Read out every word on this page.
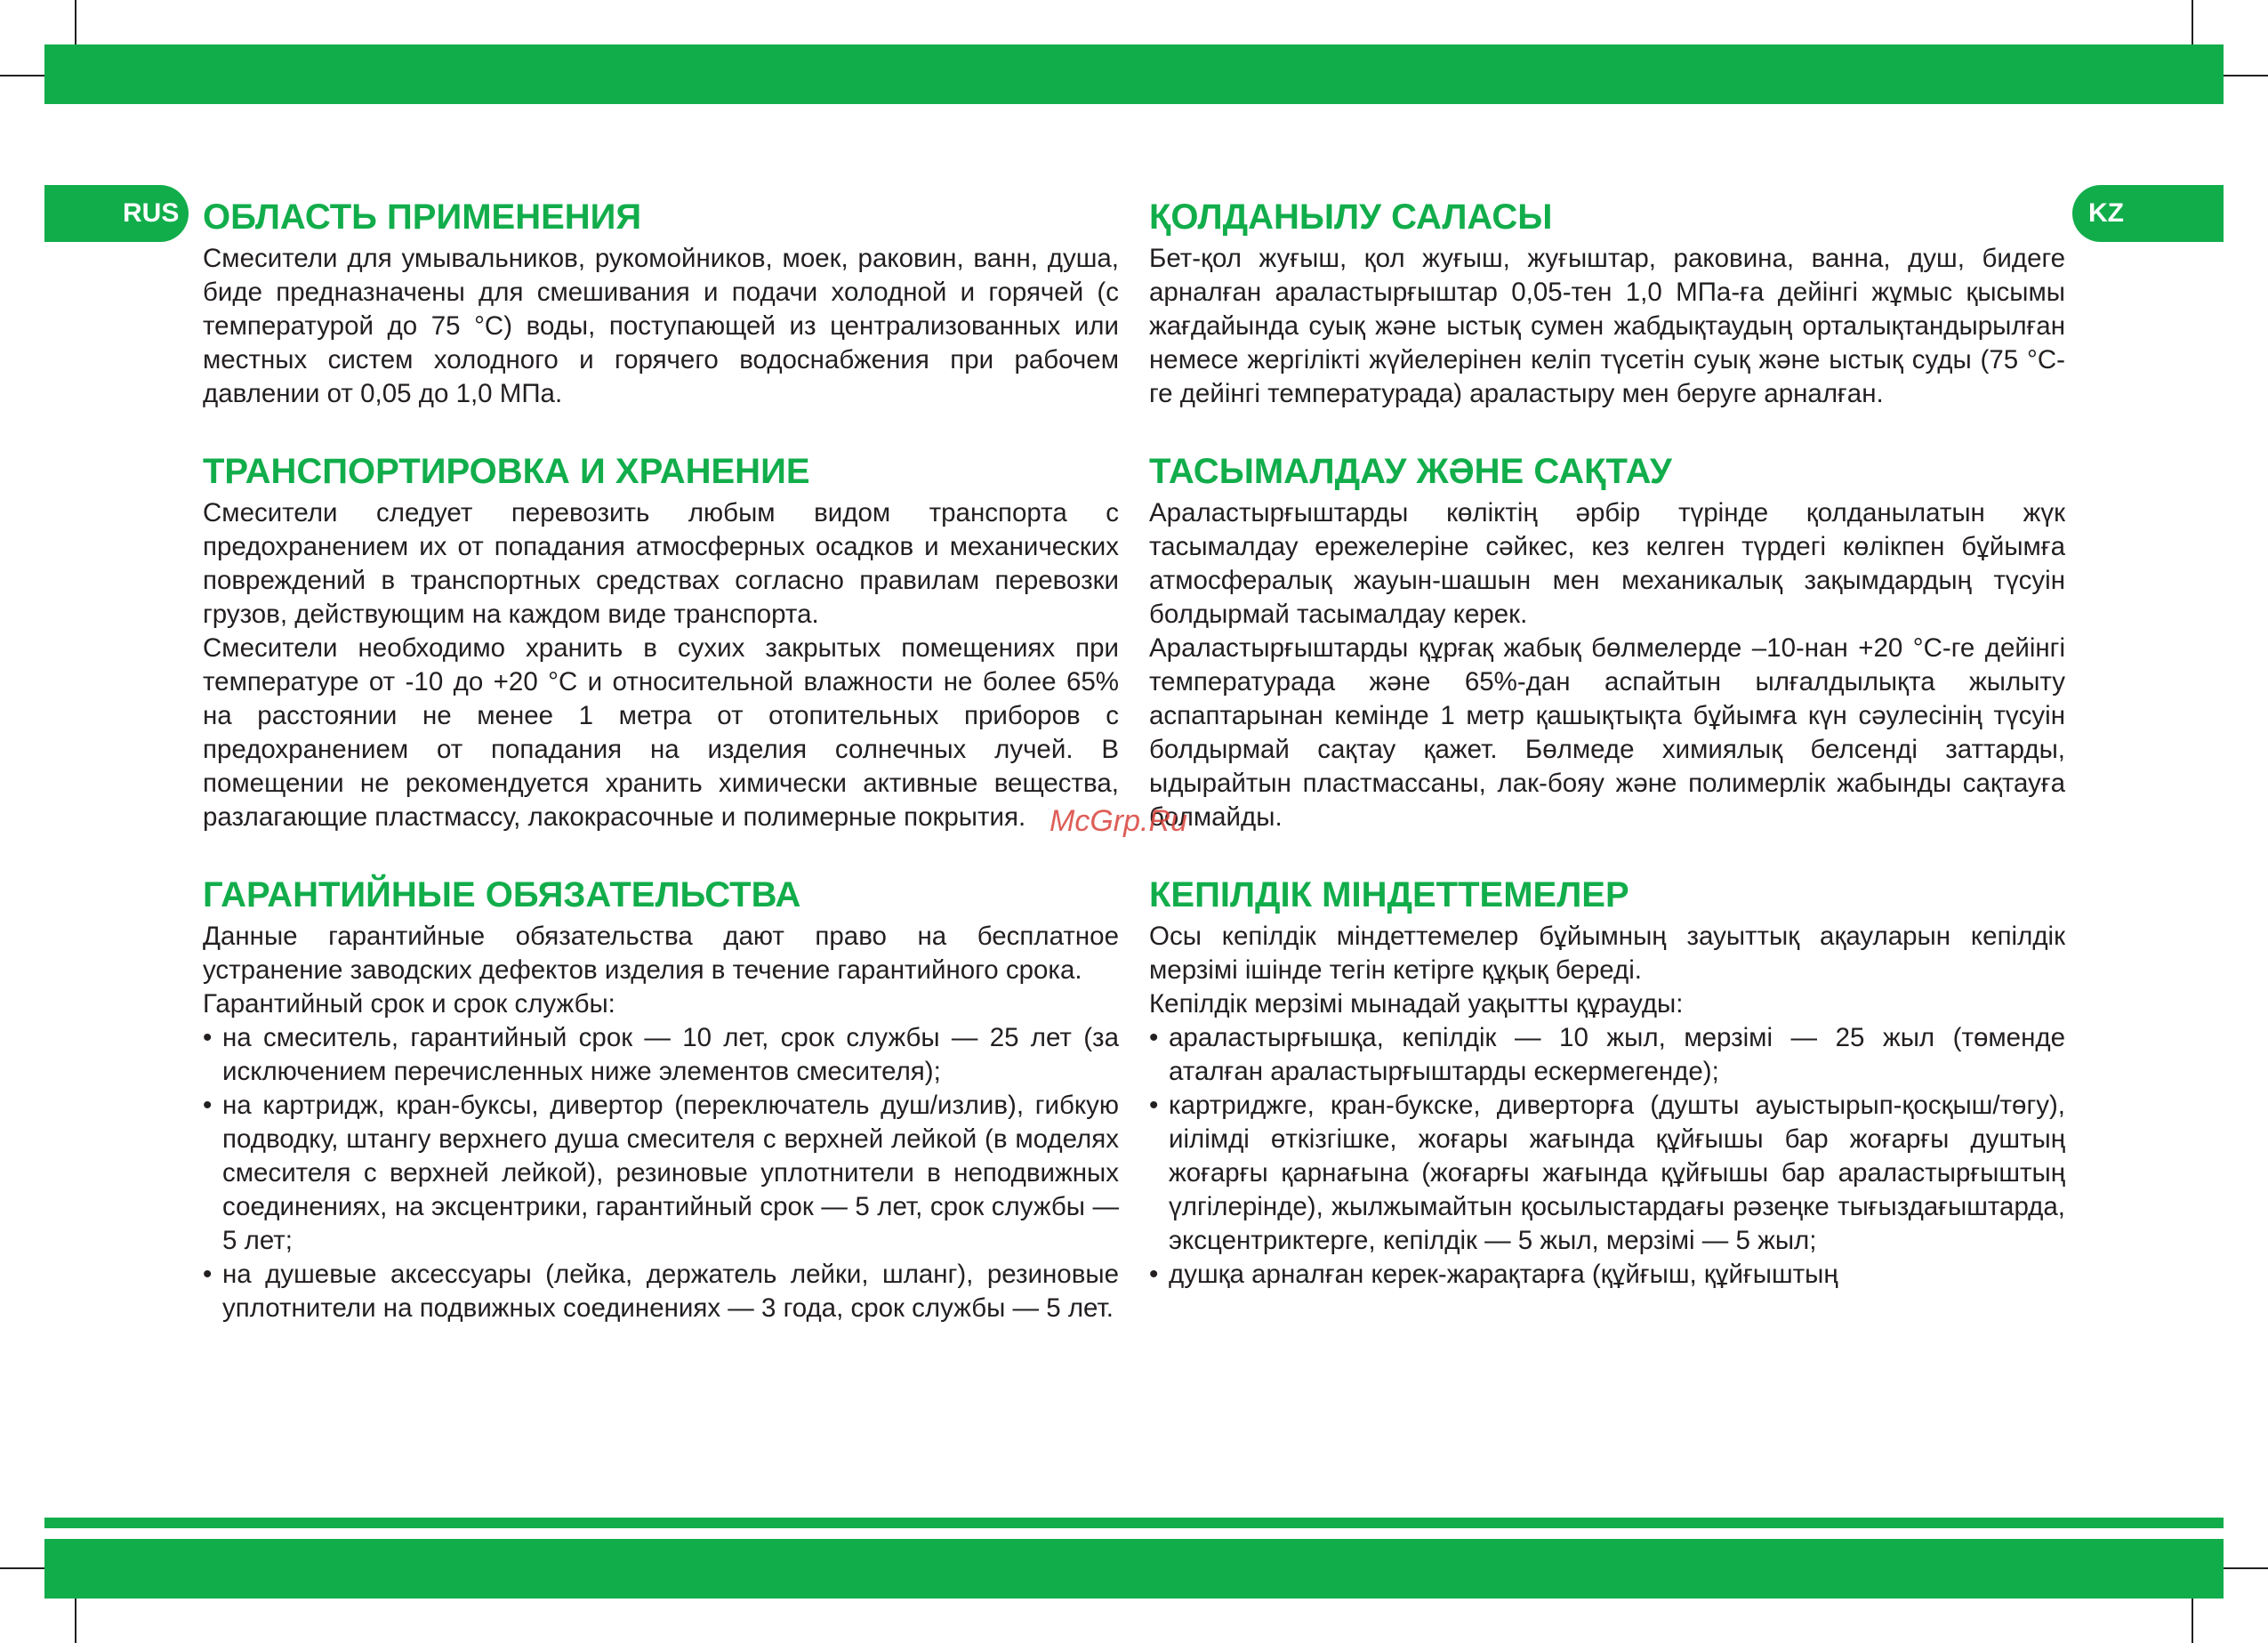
RUS	KZ
ОБЛАСТЬ ПРИМЕНЕНИЯ

Смесители для умывальников, рукомойников, моек, раковин, ванн, душа, биде предназначены для смешивания и подачи холодной и горячей (с температурой до 75 °С) воды, поступающей из централизованных или местных систем холодного и горячего водоснабжения при рабочем давлении от 0,05 до 1,0 МПа.

ТРАНСПОРТИРОВКА И ХРАНЕНИЕ

Смесители следует перевозить любым видом транспорта с предохранением их от попадания атмосферных осадков и механических повреждений в транспортных средствах согласно правилам перевозки грузов, действующим на каждом виде транспорта.

Смесители необходимо хранить в сухих закрытых помещениях при температуре от -10 до +20 °С и относительной влажности не более 65% на расстоянии не менее 1 метра от отопительных приборов с предохранением от попадания на изделия солнечных лучей. В помещении не рекомендуется хранить химически активные вещества, разлагающие пластмассу, лакокрасочные и полимерные покрытия.

ГАРАНТИЙНЫЕ ОБЯЗАТЕЛЬСТВА

Данные гарантийные обязательства дают право на бесплатное устранение заводских дефектов изделия в течение гарантийного срока.

Гарантийный срок и срок службы:

• на смеситель, гарантийный срок — 10 лет, срок службы — 25 лет (за исключением перечисленных ниже элементов смесителя);
• на картридж, кран-буксы, дивертор (переключатель душ/излив), гибкую подводку, штангу верхнего душа смесителя с верхней лейкой (в моделях смесителя с верхней лейкой), резиновые уплотнители в неподвижных соединениях, на эксцентрики, гарантийный срок — 5 лет, срок службы — 5 лет;
• на душевые аксессуары (лейка, держатель лейки, шланг), резиновые уплотнители на подвижных соединениях — 3 года, срок службы — 5 лет.
ҚОЛДАНЫЛУ САЛАСЫ

Бет-қол жуғыш, қол жуғыш, жуғыштар, раковина, ванна, душ, бидеге арналған араластырғыштар 0,05-тен 1,0 МПа-ға дейінгі жұмыс қысымы жағдайында суық және ыстық сумен жабдықтаудың орталықтандырылған немесе жергілікті жүйелерінен келіп түсетін суық және ыстық суды (75 °С-ге дейінгі температурада) араластыру мен беруге арналған.

ТАСЫМАЛДАУ ЖӘНЕ САҚТАУ

Араластырғыштарды көліктің әрбір түрінде қолданылатын жүк тасымалдау ережелеріне сәйкес, кез келген түрдегі көлікпен бұйымға атмосфералық жауын-шашын мен механикалық зақымдардың түсуін болдырмай тасымалдау керек.

Араластырғыштарды құрғақ жабық бөлмелерде –10-нан +20 °С-ге дейінгі температурада және 65%-дан аспайтын ылғалдылықта жылыту аспаптарынан кемінде 1 метр қашықтықта бұйымға күн сәулесінің түсуін болдырмай сақтау қажет. Бөлмеде химиялық белсенді заттарды, ыдырайтын пластмассаны, лак-бояу және полимерлік жабынды сақтауға болмайды.

КЕПІЛДІК МІНДЕТТЕМЕЛЕР

Осы кепілдік міндеттемелер бұйымның зауыттық ақауларын кепілдік мерзімі ішінде тегін кетірге құқық береді.

Кепілдік мерзімі мынадай уақытты құрауды:

• араластырғышқа, кепілдік — 10 жыл, мерзімі — 25 жыл (төменде аталған араластырғыштарды ескермегенде);
• картриджге, кран-букске, диверторға (душты ауыстырып-қосқыш/төгу), иілімді өткізгішке, жоғары жағында құйғышы бар жоғарғы душтың жоғарғы қарнағына (жоғарғы жағында құйғышы бар араластырғыштың үлгілерінде), жылжымайтын қосылыстардағы рәзеңке тығыздағыштарда, эксцентриктерге, кепілдік — 5 жыл, мерзімі — 5 жыл;
• душқа арналған керек-жарақтарға (құйғыш, құйғыштың
McGrp.Ru
